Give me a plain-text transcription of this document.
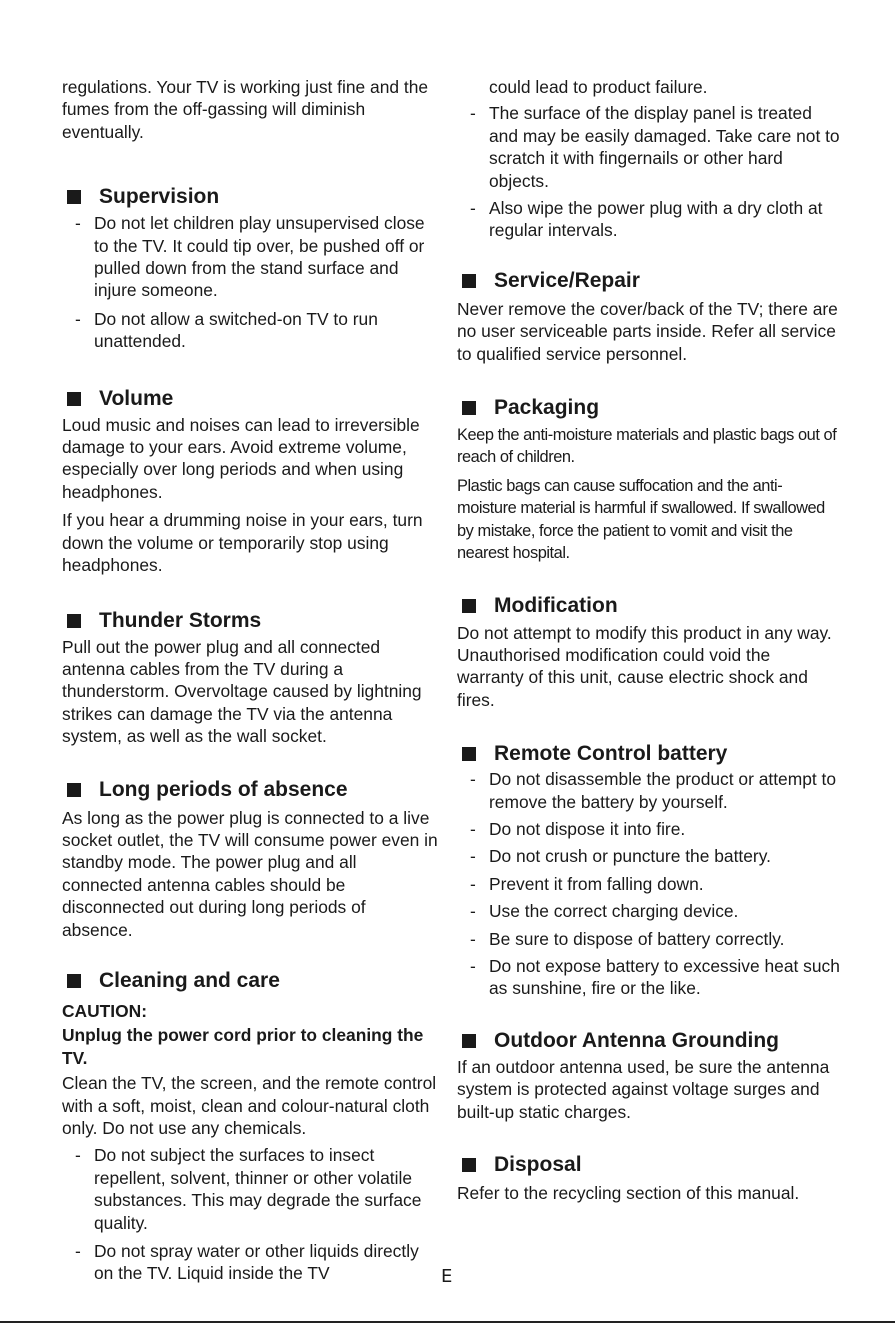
regulations. Your TV is working just fine and the fumes from the off-gassing will diminish eventually.

Supervision
- Do not let children play unsupervised close to the TV. It could tip over, be pushed off or pulled down from the stand surface and injure someone.
- Do not allow a switched-on TV to run unattended.
Volume

Loud music and noises can lead to irreversible damage to your ears. Avoid extreme volume, especially over long periods and when using headphones.

If you hear a drumming noise in your ears, turn down the volume or temporarily stop using headphones.

Thunder Storms

Pull out the power plug and all connected antenna cables from the TV during a thunderstorm. Overvoltage caused by lightning strikes can damage the TV via the antenna system, as well as the wall socket.

Long periods of absence

As long as the power plug is connected to a live socket outlet, the TV will consume power even in standby mode. The power plug and all connected antenna cables should be disconnected out during long periods of absence.

Cleaning and care

CAUTION:

Unplug the power cord prior to cleaning the TV.

Clean the TV, the screen, and the remote control with a soft, moist, clean and colour-natural cloth only. Do not use any chemicals.

- Do not subject the surfaces to insect repellent, solvent, thinner or other volatile substances. This may degrade the surface quality.
- Do not spray water or other liquids directly on the TV. Liquid inside the TV

could lead to product failure.

- The surface of the display panel is treated and may be easily damaged. Take care not to scratch it with fingernails or other hard objects.
- Also wipe the power plug with a dry cloth at regular intervals.
Service/Repair

Never remove the cover/back of the TV; there are no user serviceable parts inside. Refer all service to qualified service personnel.

Packaging

Keep the anti-moisture materials and plastic bags out of reach of children.

Plastic bags can cause suffocation and the anti-moisture material is harmful if swallowed. If swallowed by mistake, force the patient to vomit and visit the nearest hospital.

Modification

Do not attempt to modify this product in any way. Unauthorised modification could void the warranty of this unit, cause electric shock and fires.

Remote Control battery
- Do not disassemble the product or attempt to remove the battery by yourself.
- Do not dispose it into fire.
- Do not crush or puncture the battery.
- Prevent it from falling down.
- Use the correct charging device.
- Be sure to dispose of battery correctly.
- Do not expose battery to excessive heat such as sunshine, fire or the like.
Outdoor Antenna Grounding

If an outdoor antenna used, be sure the antenna system is protected against voltage surges and built-up static charges.

Disposal

Refer to the recycling section of this manual.

E
